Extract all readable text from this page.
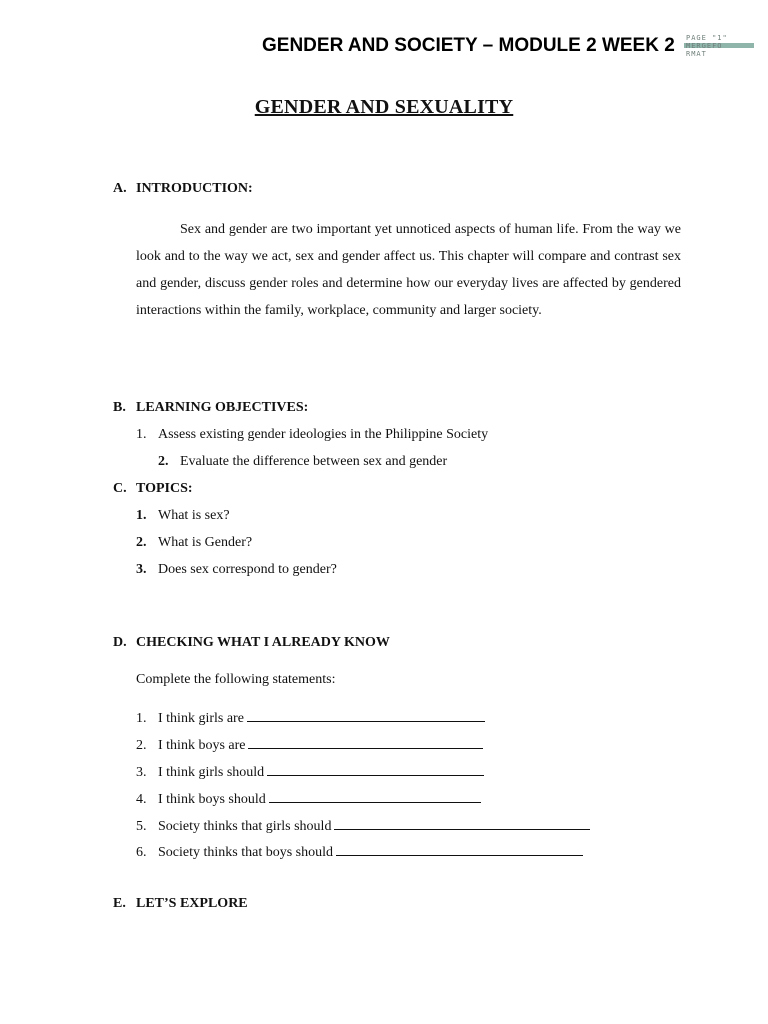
GENDER AND SOCIETY – MODULE 2 WEEK 2 PAGE "1"
MERGEFO
RMAT
GENDER AND SEXUALITY
A. INTRODUCTION:

Sex and gender are two important yet unnoticed aspects of human life. From the way we look and to the way we act, sex and gender affect us. This chapter will compare and contrast sex and gender, discuss gender roles and determine how our everyday lives are affected by gendered interactions within the family, workplace, community and larger society.

B. LEARNING OBJECTIVES:
1. Assess existing gender ideologies in the Philippine Society
2. Evaluate the difference between sex and gender
C. TOPICS:
1. What is sex?
2. What is Gender?
3. Does sex correspond to gender?
D. CHECKING WHAT I ALREADY KNOW
Complete the following statements:
1. I think girls are
2. I think boys are
3. I think girls should
4. I think boys should
5. Society thinks that girls should
6. Society thinks that boys should
E. LET’S EXPLORE
